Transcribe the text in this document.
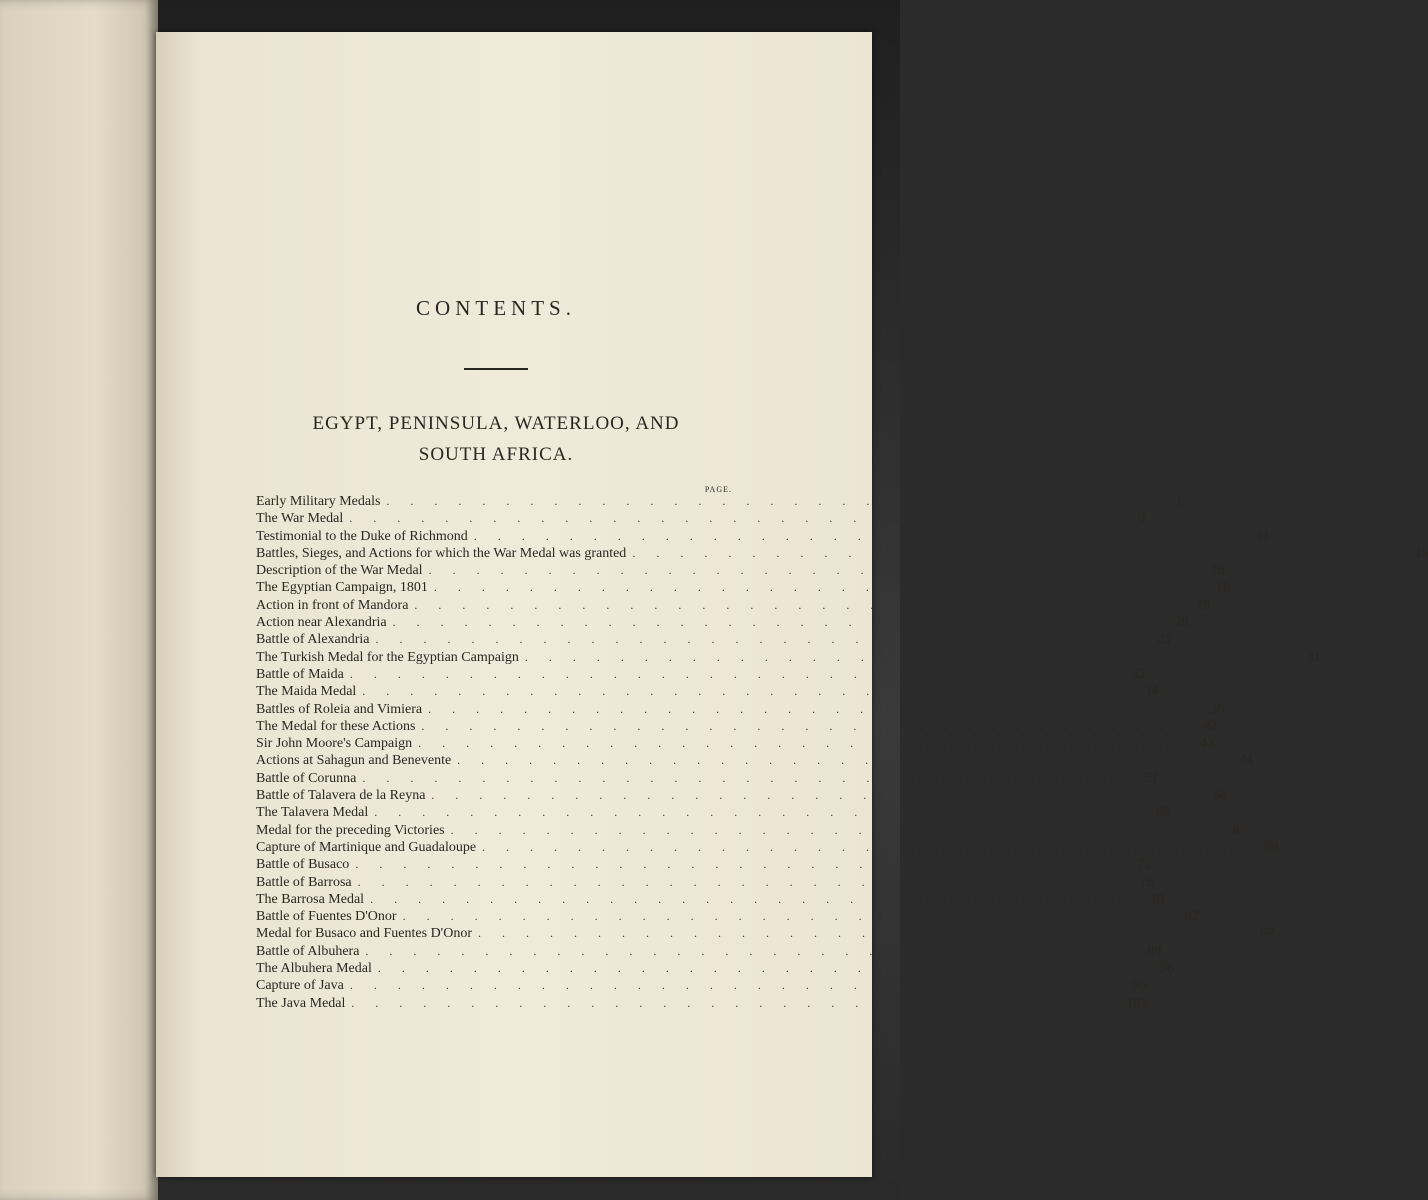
CONTENTS.
EGYPT, PENINSULA, WATERLOO, AND
SOUTH AFRICA.
PAGE.
Early Military Medals . . . . . . . . . . . . . . . . . . . . . . . . . . . . . . . .	1
The War Medal . . . . . . . . . . . . . . . . . . . . . . . . . . . . . . . .	9
Testimonial to the Duke of Richmond . . . . . . . . . . . . . . . . . . . . . . . . . . . . . . . .	11
Battles, Sieges, and Actions for which the War Medal was granted . . . . . . . . . . . . . . . . . . . . . . . . . . . . . . . .	15
Description of the War Medal . . . . . . . . . . . . . . . . . . . . . . . . . . . . . . . .	16
The Egyptian Campaign, 1801 . . . . . . . . . . . . . . . . . . . . . . . . . . . . . . . .	16
Action in front of Mandora . . . . . . . . . . . . . . . . . . . . . . . . . . . . . . . .	19
Action near Alexandria . . . . . . . . . . . . . . . . . . . . . . . . . . . . . . . .	20
Battle of Alexandria . . . . . . . . . . . . . . . . . . . . . . . . . . . . . . . .	21
The Turkish Medal for the Egyptian Campaign . . . . . . . . . . . . . . . . . . . . . . . . . . . . . . . .	31
Battle of Maida . . . . . . . . . . . . . . . . . . . . . . . . . . . . . . . .	32
The Maida Medal . . . . . . . . . . . . . . . . . . . . . . . . . . . . . . . .	34
Battles of Roleia and Vimiera . . . . . . . . . . . . . . . . . . . . . . . . . . . . . . . .	36
The Medal for these Actions . . . . . . . . . . . . . . . . . . . . . . . . . . . . . . . .	42
Sir John Moore's Campaign . . . . . . . . . . . . . . . . . . . . . . . . . . . . . . . .	43
Actions at Sahagun and Benevente . . . . . . . . . . . . . . . . . . . . . . . . . . . . . . . .	44
Battle of Corunna . . . . . . . . . . . . . . . . . . . . . . . . . . . . . . . .	51
Battle of Talavera de la Reyna . . . . . . . . . . . . . . . . . . . . . . . . . . . . . . . .	58
The Talavera Medal . . . . . . . . . . . . . . . . . . . . . . . . . . . . . . . .	66
Medal for the preceding Victories . . . . . . . . . . . . . . . . . . . . . . . . . . . . . . . .	67
Capture of Martinique and Guadaloupe . . . . . . . . . . . . . . . . . . . . . . . . . . . . . . . .	69
Battle of Busaco . . . . . . . . . . . . . . . . . . . . . . . . . . . . . . . .	72
Battle of Barrosa . . . . . . . . . . . . . . . . . . . . . . . . . . . . . . . .	76
The Barrosa Medal . . . . . . . . . . . . . . . . . . . . . . . . . . . . . . . .	81
Battle of Fuentes D'Onor . . . . . . . . . . . . . . . . . . . . . . . . . . . . . . . .	82
Medal for Busaco and Fuentes D'Onor . . . . . . . . . . . . . . . . . . . . . . . . . . . . . . . .	87
Battle of Albuhera . . . . . . . . . . . . . . . . . . . . . . . . . . . . . . . .	89
The Albuhera Medal . . . . . . . . . . . . . . . . . . . . . . . . . . . . . . . .	96
Capture of Java . . . . . . . . . . . . . . . . . . . . . . . . . . . . . . . .	96
The Java Medal . . . . . . . . . . . . . . . . . . . . . . . . . . . . . . . .	101
